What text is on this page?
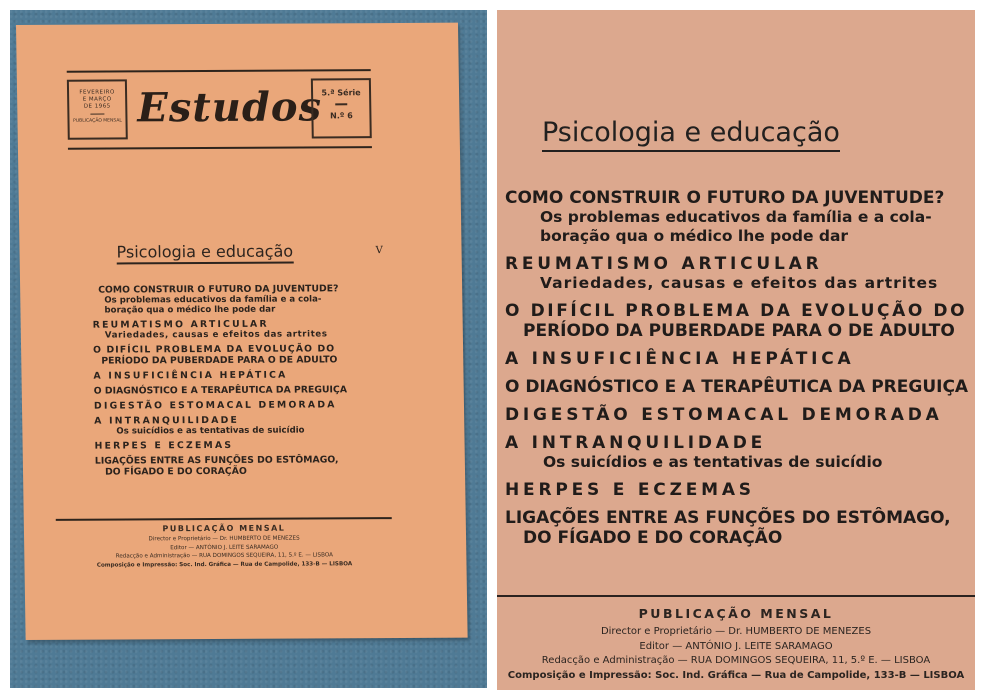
FEVEREIRO
E MARÇO
DE 1965
PUBLICAÇÃO MENSAL Estudos
5.ª Série
N.º 6
Psicologia e educação	V
COMO CONSTRUIR O FUTURO DA JUVENTUDE?
Os problemas educativos da família e a cola-
boração qua o médico lhe pode dar
REUMATISMO ARTICULAR
Variedades, causas e efeitos das artrites
O DIFÍCIL PROBLEMA DA EVOLUÇÃO DO
PERÍODO DA PUBERDADE PARA O DE ADULTO
A INSUFICIÊNCIA HEPÁTICA
O DIAGNÓSTICO E A TERAPÊUTICA DA PREGUIÇA
DIGESTÃO ESTOMACAL DEMORADA
A INTRANQUILIDADE
Os suicídios e as tentativas de suicídio
HERPES E ECZEMAS
LIGAÇÕES ENTRE AS FUNÇÕES DO ESTÔMAGO,
DO FÍGADO E DO CORAÇÃO
PUBLICAÇÃO MENSAL
Director e Proprietário — Dr. HUMBERTO DE MENEZES
Editor — ANTÓNIO J. LEITE SARAMAGO
Redacção e Administração — RUA DOMINGOS SEQUEIRA, 11, 5.º E. — LISBOA
Composição e Impressão: Soc. Ind. Gráfica — Rua de Campolide, 133-B — LISBOA
Psicologia e educação
COMO CONSTRUIR O FUTURO DA JUVENTUDE?
Os problemas educativos da família e a cola-
boração qua o médico lhe pode dar
REUMATISMO ARTICULAR
Variedades, causas e efeitos das artrites
O DIFÍCIL PROBLEMA DA EVOLUÇÃO DO
PERÍODO DA PUBERDADE PARA O DE ADULTO
A INSUFICIÊNCIA HEPÁTICA
O DIAGNÓSTICO E A TERAPÊUTICA DA PREGUIÇA
DIGESTÃO ESTOMACAL DEMORADA
A INTRANQUILIDADE
Os suicídios e as tentativas de suicídio
HERPES E ECZEMAS
LIGAÇÕES ENTRE AS FUNÇÕES DO ESTÔMAGO,
DO FÍGADO E DO CORAÇÃO
PUBLICAÇÃO MENSAL
Director e Proprietário — Dr. HUMBERTO DE MENEZES
Editor — ANTÓNIO J. LEITE SARAMAGO
Redacção e Administração — RUA DOMINGOS SEQUEIRA, 11, 5.º E. — LISBOA
Composição e Impressão: Soc. Ind. Gráfica — Rua de Campolide, 133-B — LISBOA
